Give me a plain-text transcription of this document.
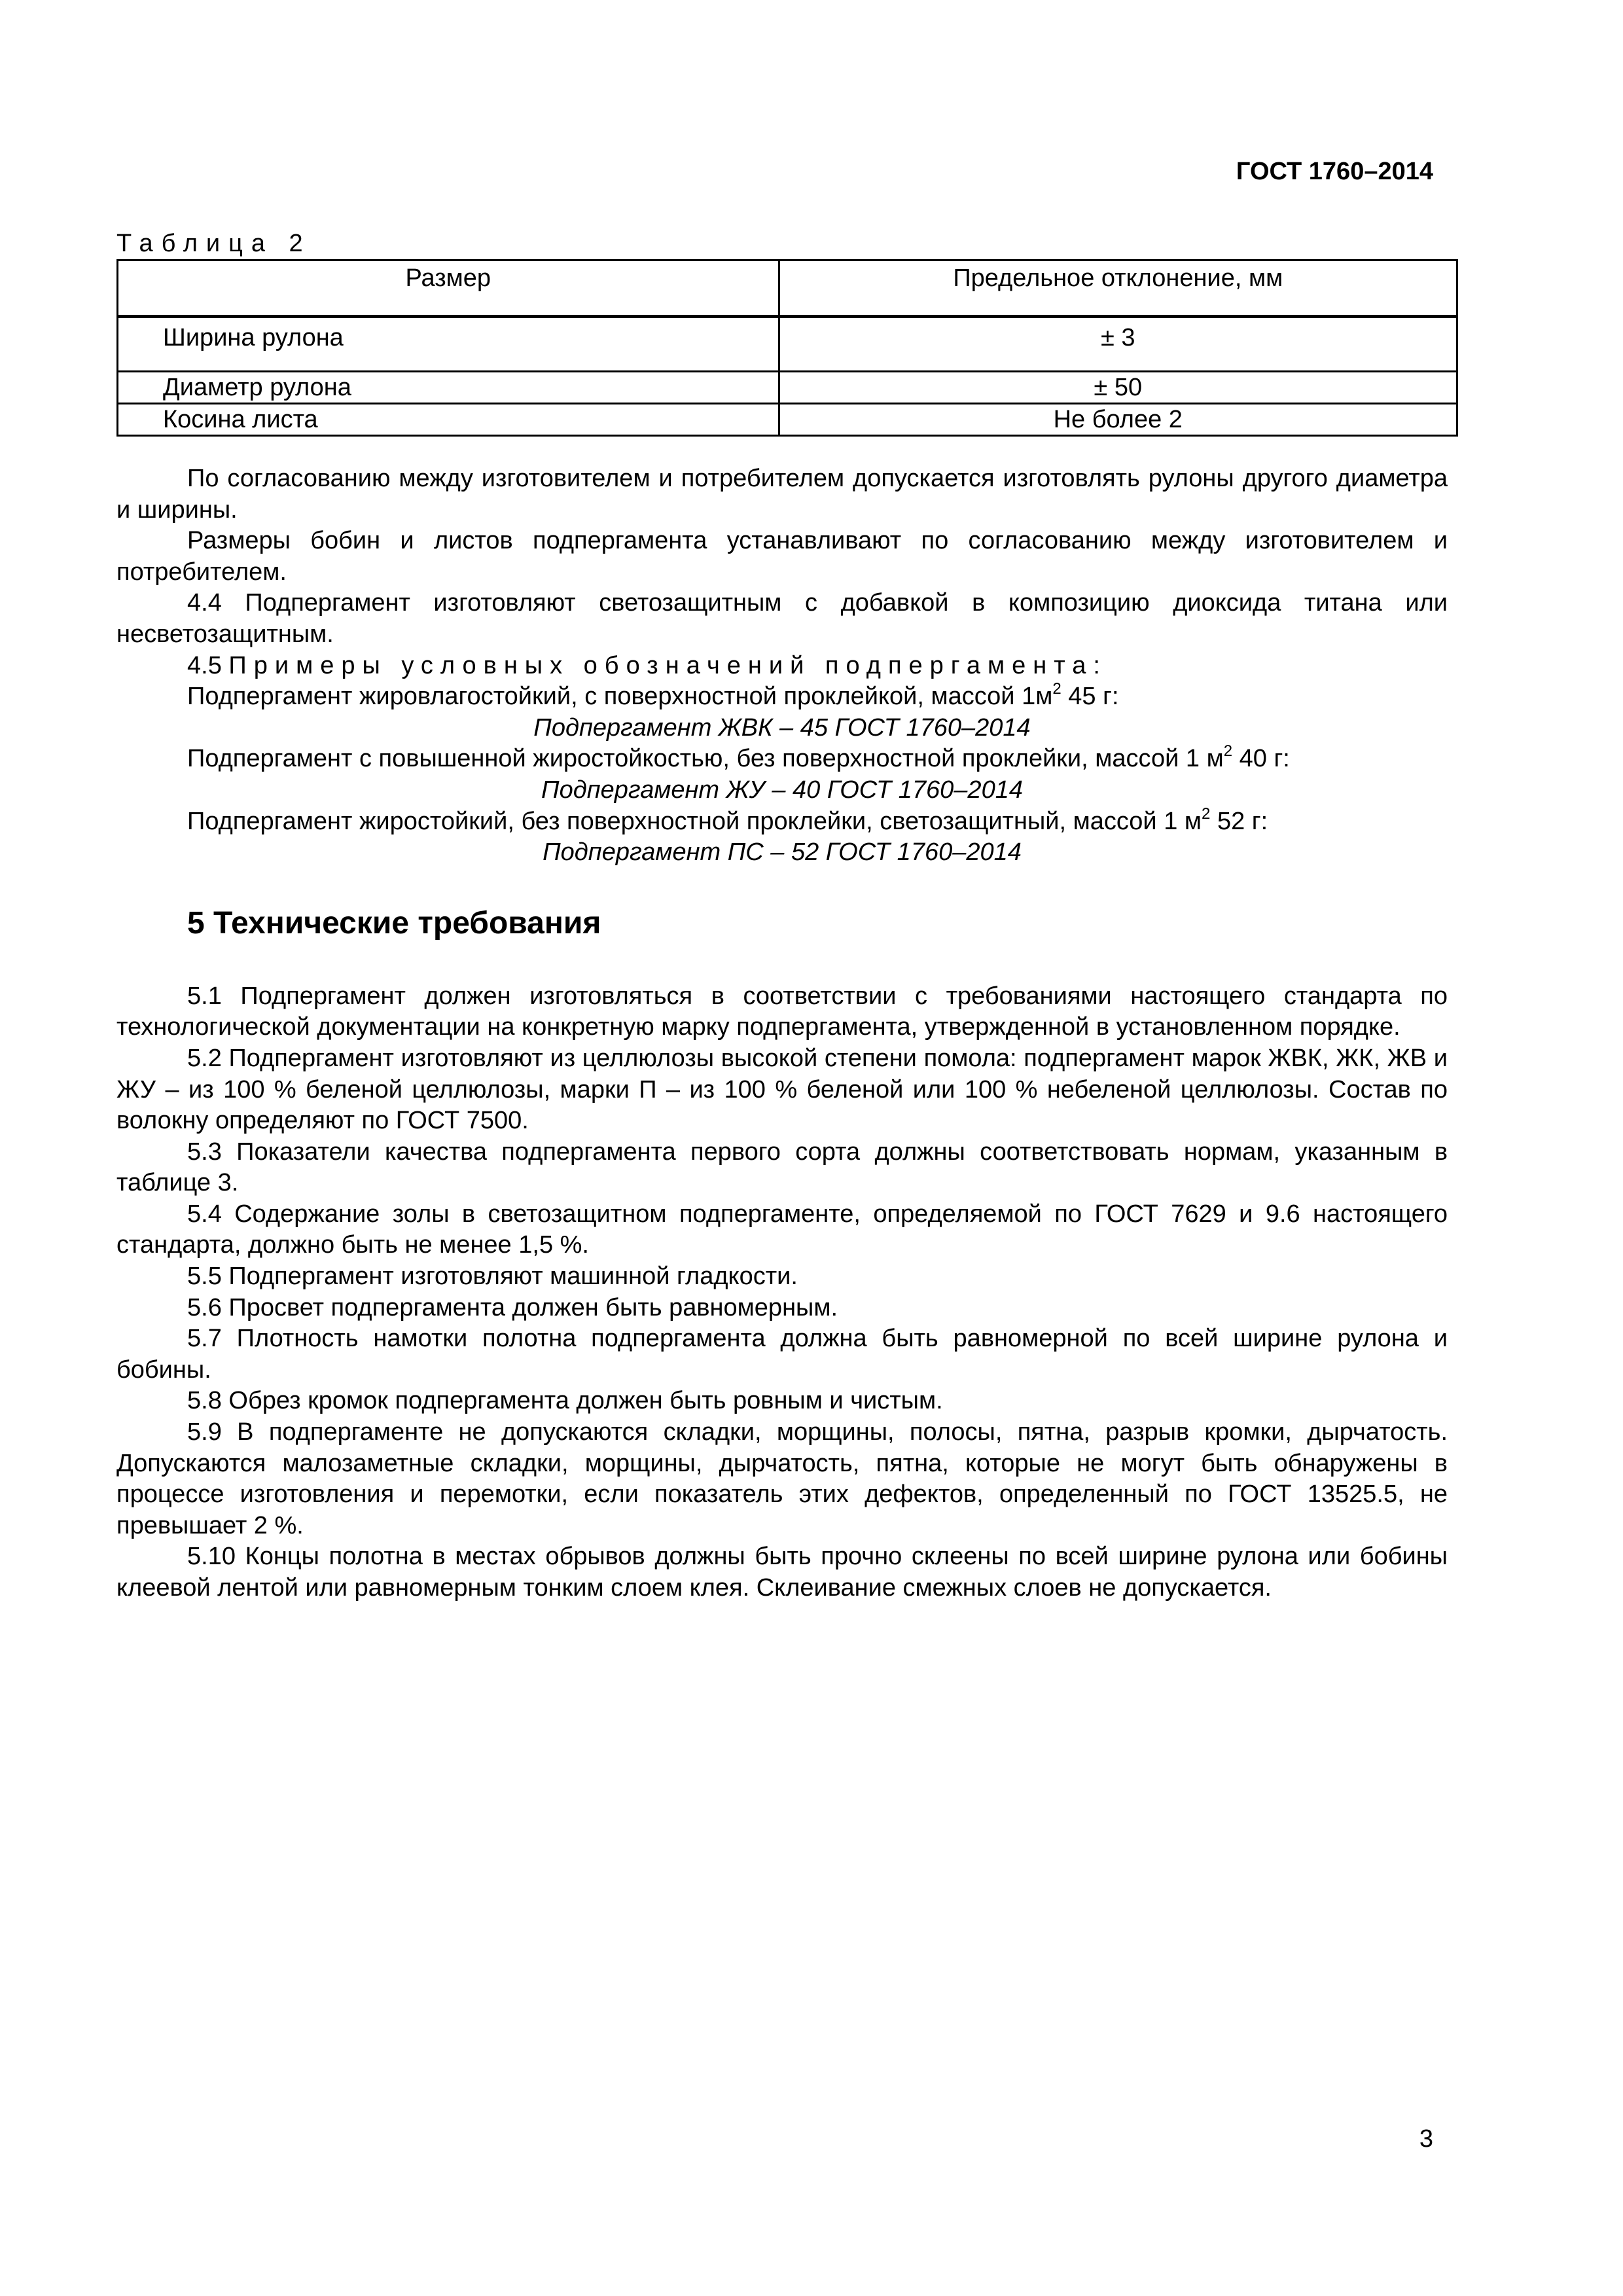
ГОСТ 1760–2014
Таблица 2
Размер	Предельное отклонение, мм
Ширина рулона	± 3
Диаметр рулона	± 50
Косина листа	Не более 2

По согласованию между изготовителем и потребителем допускается изготовлять рулоны другого диаметра и ширины.

Размеры бобин и листов подпергамента устанавливают по согласованию между изготовителем и потребителем.

4.4 Подпергамент изготовляют светозащитным с добавкой в композицию диоксида титана или несветозащитным.

4.5 Примеры условных обозначений подпергамента:

Подпергамент жировлагостойкий, с поверхностной проклейкой, массой $1м^2$ 45 г:

Подпергамент ЖВК – 45 ГОСТ 1760–2014

Подпергамент с повышенной жиростойкостью, без поверхностной проклейки, массой 1 $м^2$ 40 г:

Подпергамент ЖУ – 40 ГОСТ 1760–2014

Подпергамент жиростойкий, без поверхностной проклейки, светозащитный, массой 1 $м^2$ 52 г:

Подпергамент ПС – 52 ГОСТ 1760–2014

5 Технические требования

5.1 Подпергамент должен изготовляться в соответствии с требованиями настоящего стандарта по технологической документации на конкретную марку подпергамента, утвержденной в установленном порядке.

5.2 Подпергамент изготовляют из целлюлозы высокой степени помола: подпергамент марок ЖВК, ЖК, ЖВ и ЖУ – из 100 % беленой целлюлозы, марки П – из 100 % беленой или 100 % небеленой целлюлозы. Состав по волокну определяют по ГОСТ 7500.

5.3 Показатели качества подпергамента первого сорта должны соответствовать нормам, указанным в таблице 3.

5.4 Содержание золы в светозащитном подпергаменте, определяемой по ГОСТ 7629 и 9.6 настоящего стандарта, должно быть не менее 1,5 %.

5.5 Подпергамент изготовляют машинной гладкости.

5.6 Просвет подпергамента должен быть равномерным.

5.7 Плотность намотки полотна подпергамента должна быть равномерной по всей ширине рулона и бобины.

5.8 Обрез кромок подпергамента должен быть ровным и чистым.

5.9 В подпергаменте не допускаются складки, морщины, полосы, пятна, разрыв кромки, дырчатость. Допускаются малозаметные складки, морщины, дырчатость, пятна, которые не могут быть обнаружены в процессе изготовления и перемотки, если показатель этих дефектов, определенный по ГОСТ 13525.5, не превышает 2 %.

5.10 Концы полотна в местах обрывов должны быть прочно склеены по всей ширине рулона или бобины клеевой лентой или равномерным тонким слоем клея. Склеивание смежных слоев не допускается.

3
